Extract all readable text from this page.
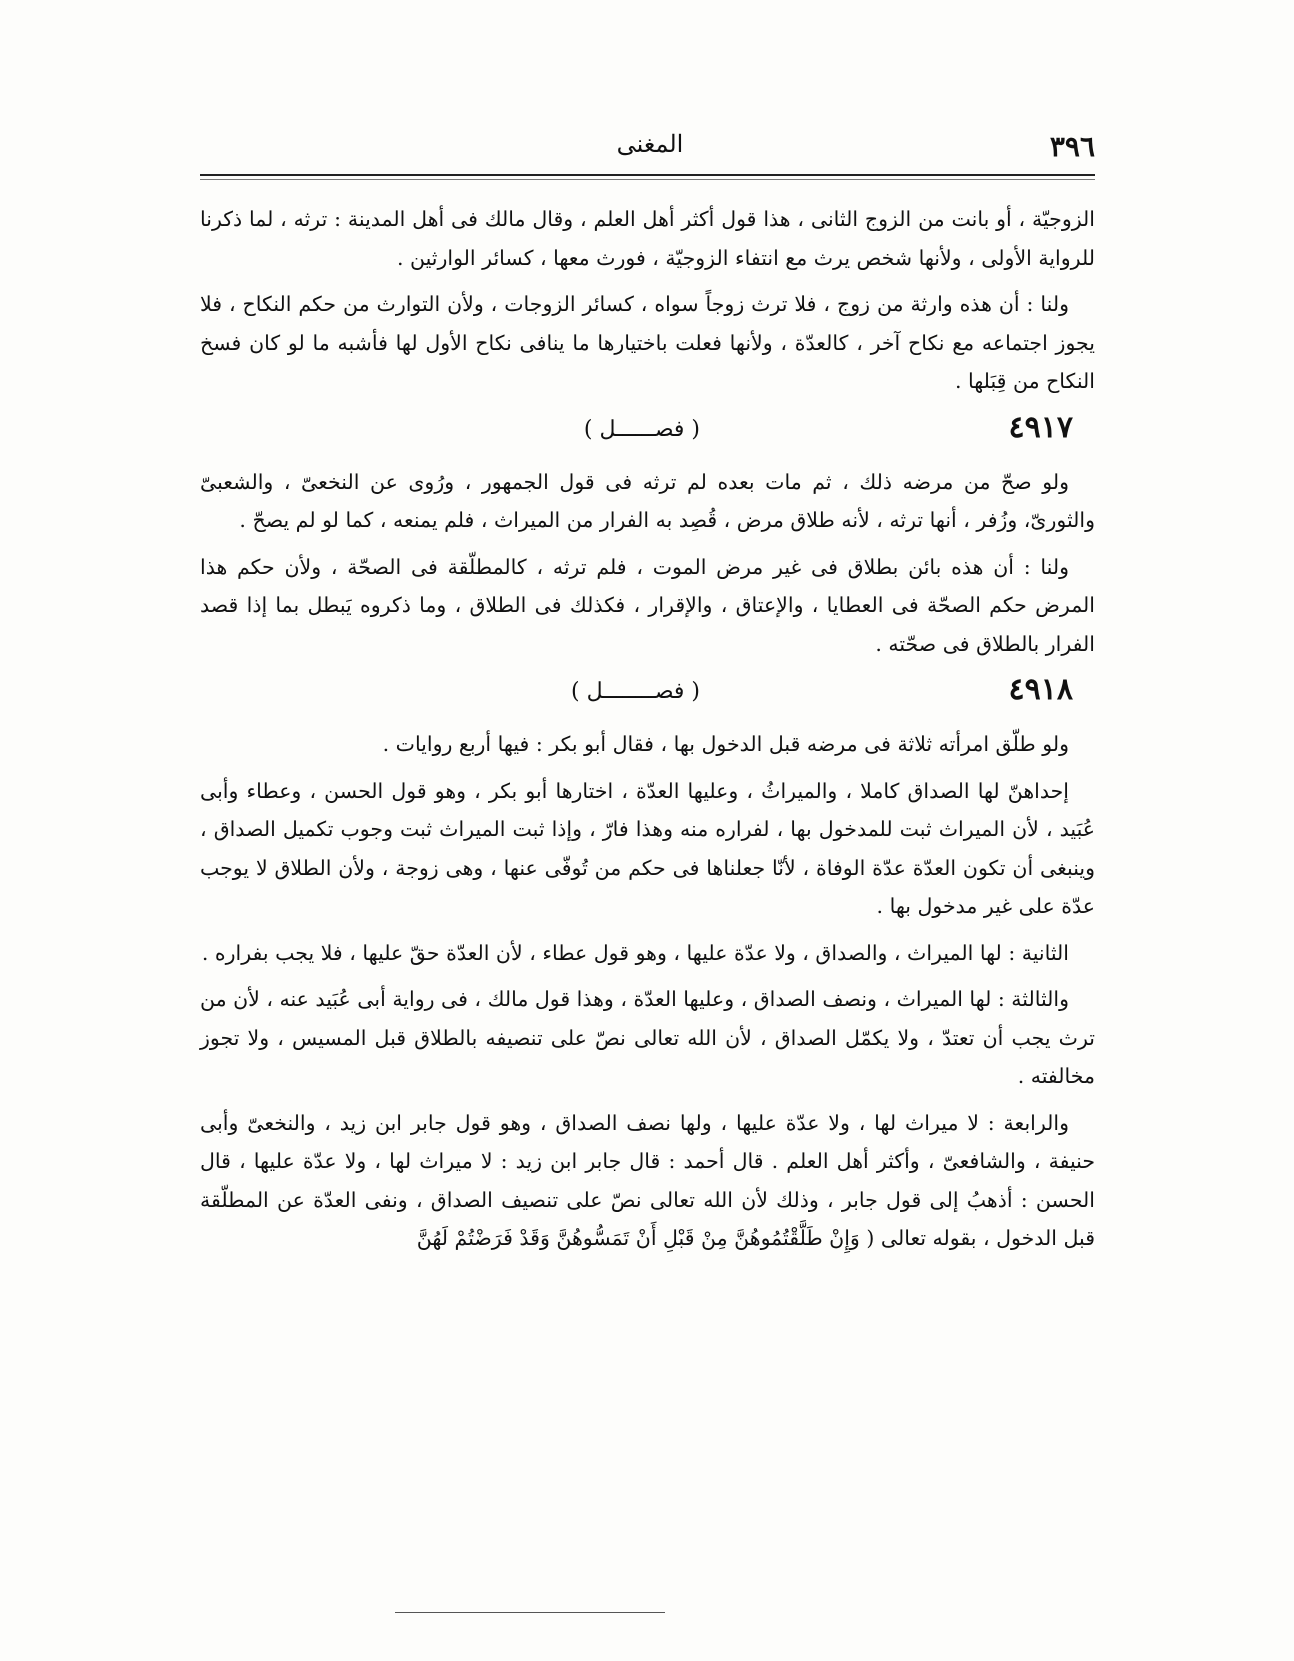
٣٩٦
المغنى

الزوجيّة ، أو بانت من الزوج الثانى ، هذا قول أكثر أهل العلم ، وقال مالك فى أهل المدينة : ترثه ، لما ذكرنا للرواية الأولى ، ولأنها شخص يرث مع انتفاء الزوجيّة ، فورث معها ، كسائر الوارثين .

ولنا : أن هذه وارثة من زوج ، فلا ترث زوجاً سواه ، كسائر الزوجات ، ولأن التوارث من حكم النكاح ، فلا يجوز اجتماعه مع نكاح آخر ، كالعدّة ، ولأنها فعلت باختيارها ما ينافى نكاح الأول لها فأشبه ما لو كان فسخ النكاح من قِبَلها .

٤٩١٧
( فصــــــل )

ولو صحّ من مرضه ذلك ، ثم مات بعده لم ترثه فى قول الجمهور ، ورُوى عن النخعىّ ، والشعبىّ والثورىّ، وزُفر ، أنها ترثه ، لأنه طلاق مرض ، قُصِد به الفرار من الميراث ، فلم يمنعه ، كما لو لم يصحّ .

ولنا : أن هذه بائن بطلاق فى غير مرض الموت ، فلم ترثه ، كالمطلّقة فى الصحّة ، ولأن حكم هذا المرض حكم الصحّة فى العطايا ، والإعتاق ، والإقرار ، فكذلك فى الطلاق ، وما ذكروه يَبطل بما إذا قصد الفرار بالطلاق فى صحّته .

٤٩١٨
( فصــــــــل )

ولو طلّق امرأته ثلاثة فى مرضه قبل الدخول بها ، فقال أبو بكر : فيها أربع روايات .

إحداهنّ لها الصداق كاملا ، والميراثُ ، وعليها العدّة ، اختارها أبو بكر ، وهو قول الحسن ، وعطاء وأبى عُبَيد ، لأن الميراث ثبت للمدخول بها ، لفراره منه وهذا فارّ ، وإذا ثبت الميراث ثبت وجوب تكميل الصداق ، وينبغى أن تكون العدّة عدّة الوفاة ، لأنّا جعلناها فى حكم من تُوفّى عنها ، وهى زوجة ، ولأن الطلاق لا يوجب عدّة على غير مدخول بها .

الثانية : لها الميراث ، والصداق ، ولا عدّة عليها ، وهو قول عطاء ، لأن العدّة حقّ عليها ، فلا يجب بفراره .

والثالثة : لها الميراث ، ونصف الصداق ، وعليها العدّة ، وهذا قول مالك ، فى رواية أبى عُبَيد عنه ، لأن من ترث يجب أن تعتدّ ، ولا يكمّل الصداق ، لأن الله تعالى نصّ على تنصيفه بالطلاق قبل المسيس ، ولا تجوز مخالفته .

والرابعة : لا ميراث لها ، ولا عدّة عليها ، ولها نصف الصداق ، وهو قول جابر ابن زيد ، والنخعىّ وأبى حنيفة ، والشافعىّ ، وأكثر أهل العلم . قال أحمد : قال جابر ابن زيد : لا ميراث لها ، ولا عدّة عليها ، قال الحسن : أذهبُ إلى قول جابر ، وذلك لأن الله تعالى نصّ على تنصيف الصداق ، ونفى العدّة عن المطلّقة قبل الدخول ، بقوله تعالى ( وَإِنْ طَلَّقْتُمُوهُنَّ مِنْ قَبْلِ أَنْ تَمَسُّوهُنَّ وَقَدْ فَرَضْتُمْ لَهُنَّ
